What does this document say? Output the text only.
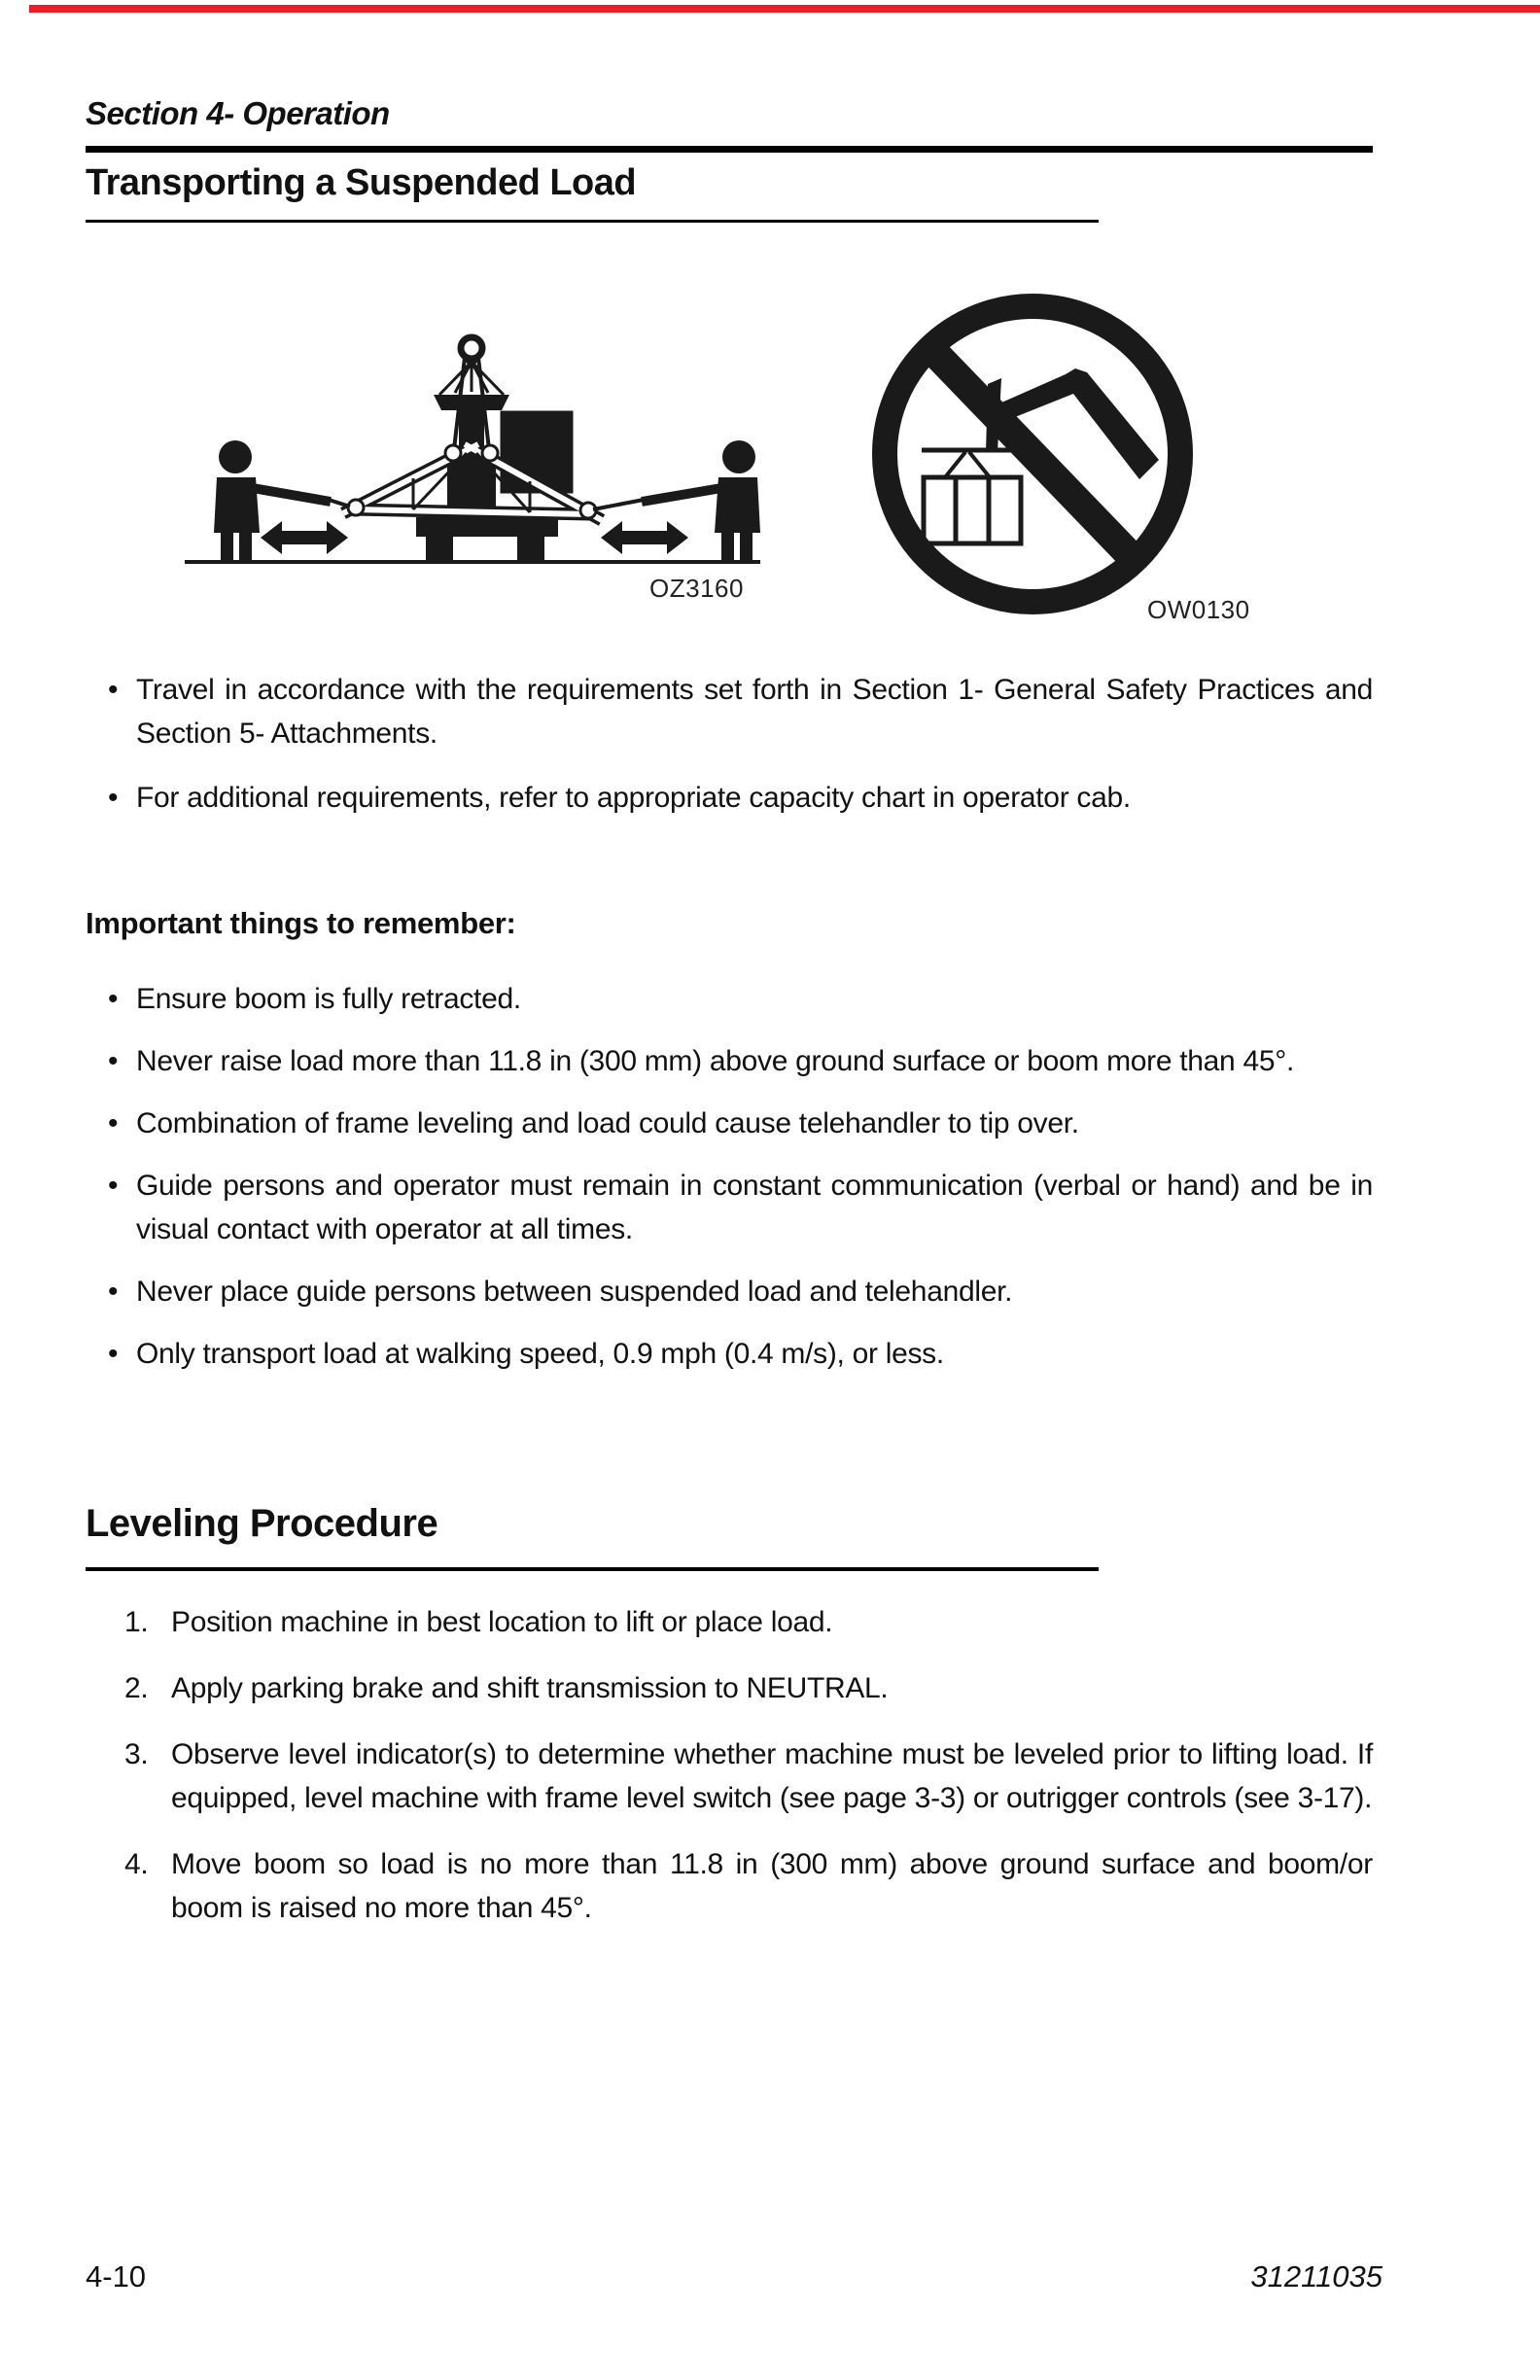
Section 4- Operation
Transporting a Suspended Load
OZ3160
OW0130
• Travel in accordance with the requirements set forth in Section 1- General Safety Practices and Section 5- Attachments.
• For additional requirements, refer to appropriate capacity chart in operator cab.
Important things to remember:
• Ensure boom is fully retracted.
• Never raise load more than 11.8 in (300 mm) above ground surface or boom more than 45°.
• Combination of frame leveling and load could cause telehandler to tip over.
• Guide persons and operator must remain in constant communication (verbal or hand) and be in visual contact with operator at all times.
• Never place guide persons between suspended load and telehandler.
• Only transport load at walking speed, 0.9 mph (0.4 m/s), or less.
Leveling Procedure
Position machine in best location to lift or place load.
Apply parking brake and shift transmission to NEUTRAL.
Observe level indicator(s) to determine whether machine must be leveled prior to lifting load. If equipped, level machine with frame level switch (see page 3-3) or outrigger controls (see 3-17).
Move boom so load is no more than 11.8 in (300 mm) above ground surface and boom/or boom is raised no more than 45°.
4-10	31211035
